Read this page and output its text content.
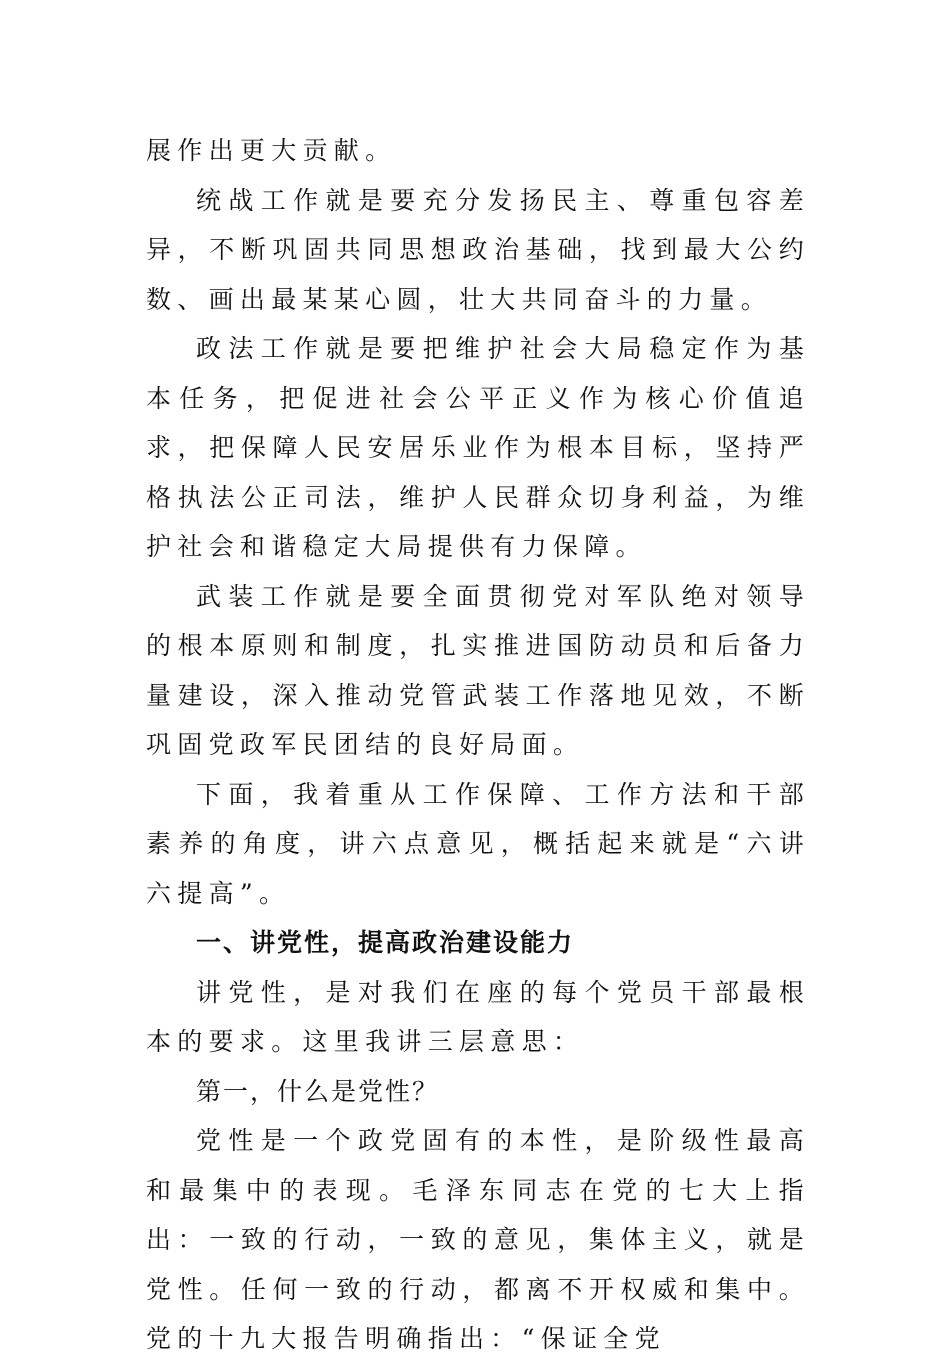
展作出更大贡献。

统战工作就是要充分发扬民主、尊重包容差异，不断巩固共同思想政治基础，找到最大公约数、画出最某某心圆，壮大共同奋斗的力量。

政法工作就是要把维护社会大局稳定作为基本任务，把促进社会公平正义作为核心价值追求，把保障人民安居乐业作为根本目标，坚持严格执法公正司法，维护人民群众切身利益，为维护社会和谐稳定大局提供有力保障。

武装工作就是要全面贯彻党对军队绝对领导的根本原则和制度，扎实推进国防动员和后备力量建设，深入推动党管武装工作落地见效，不断巩固党政军民团结的良好局面。

下面，我着重从工作保障、工作方法和干部素养的角度，讲六点意见，概括起来就是“六讲六提高”。

一、讲党性，提高政治建设能力

讲党性，是对我们在座的每个党员干部最根本的要求。这里我讲三层意思：

第一，什么是党性？

党性是一个政党固有的本性，是阶级性最高和最集中的表现。毛泽东同志在党的七大上指出：一致的行动，一致的意见，集体主义，就是党性。任何一致的行动，都离不开权威和集中。党的十九大报告明确指出：“保证全党
